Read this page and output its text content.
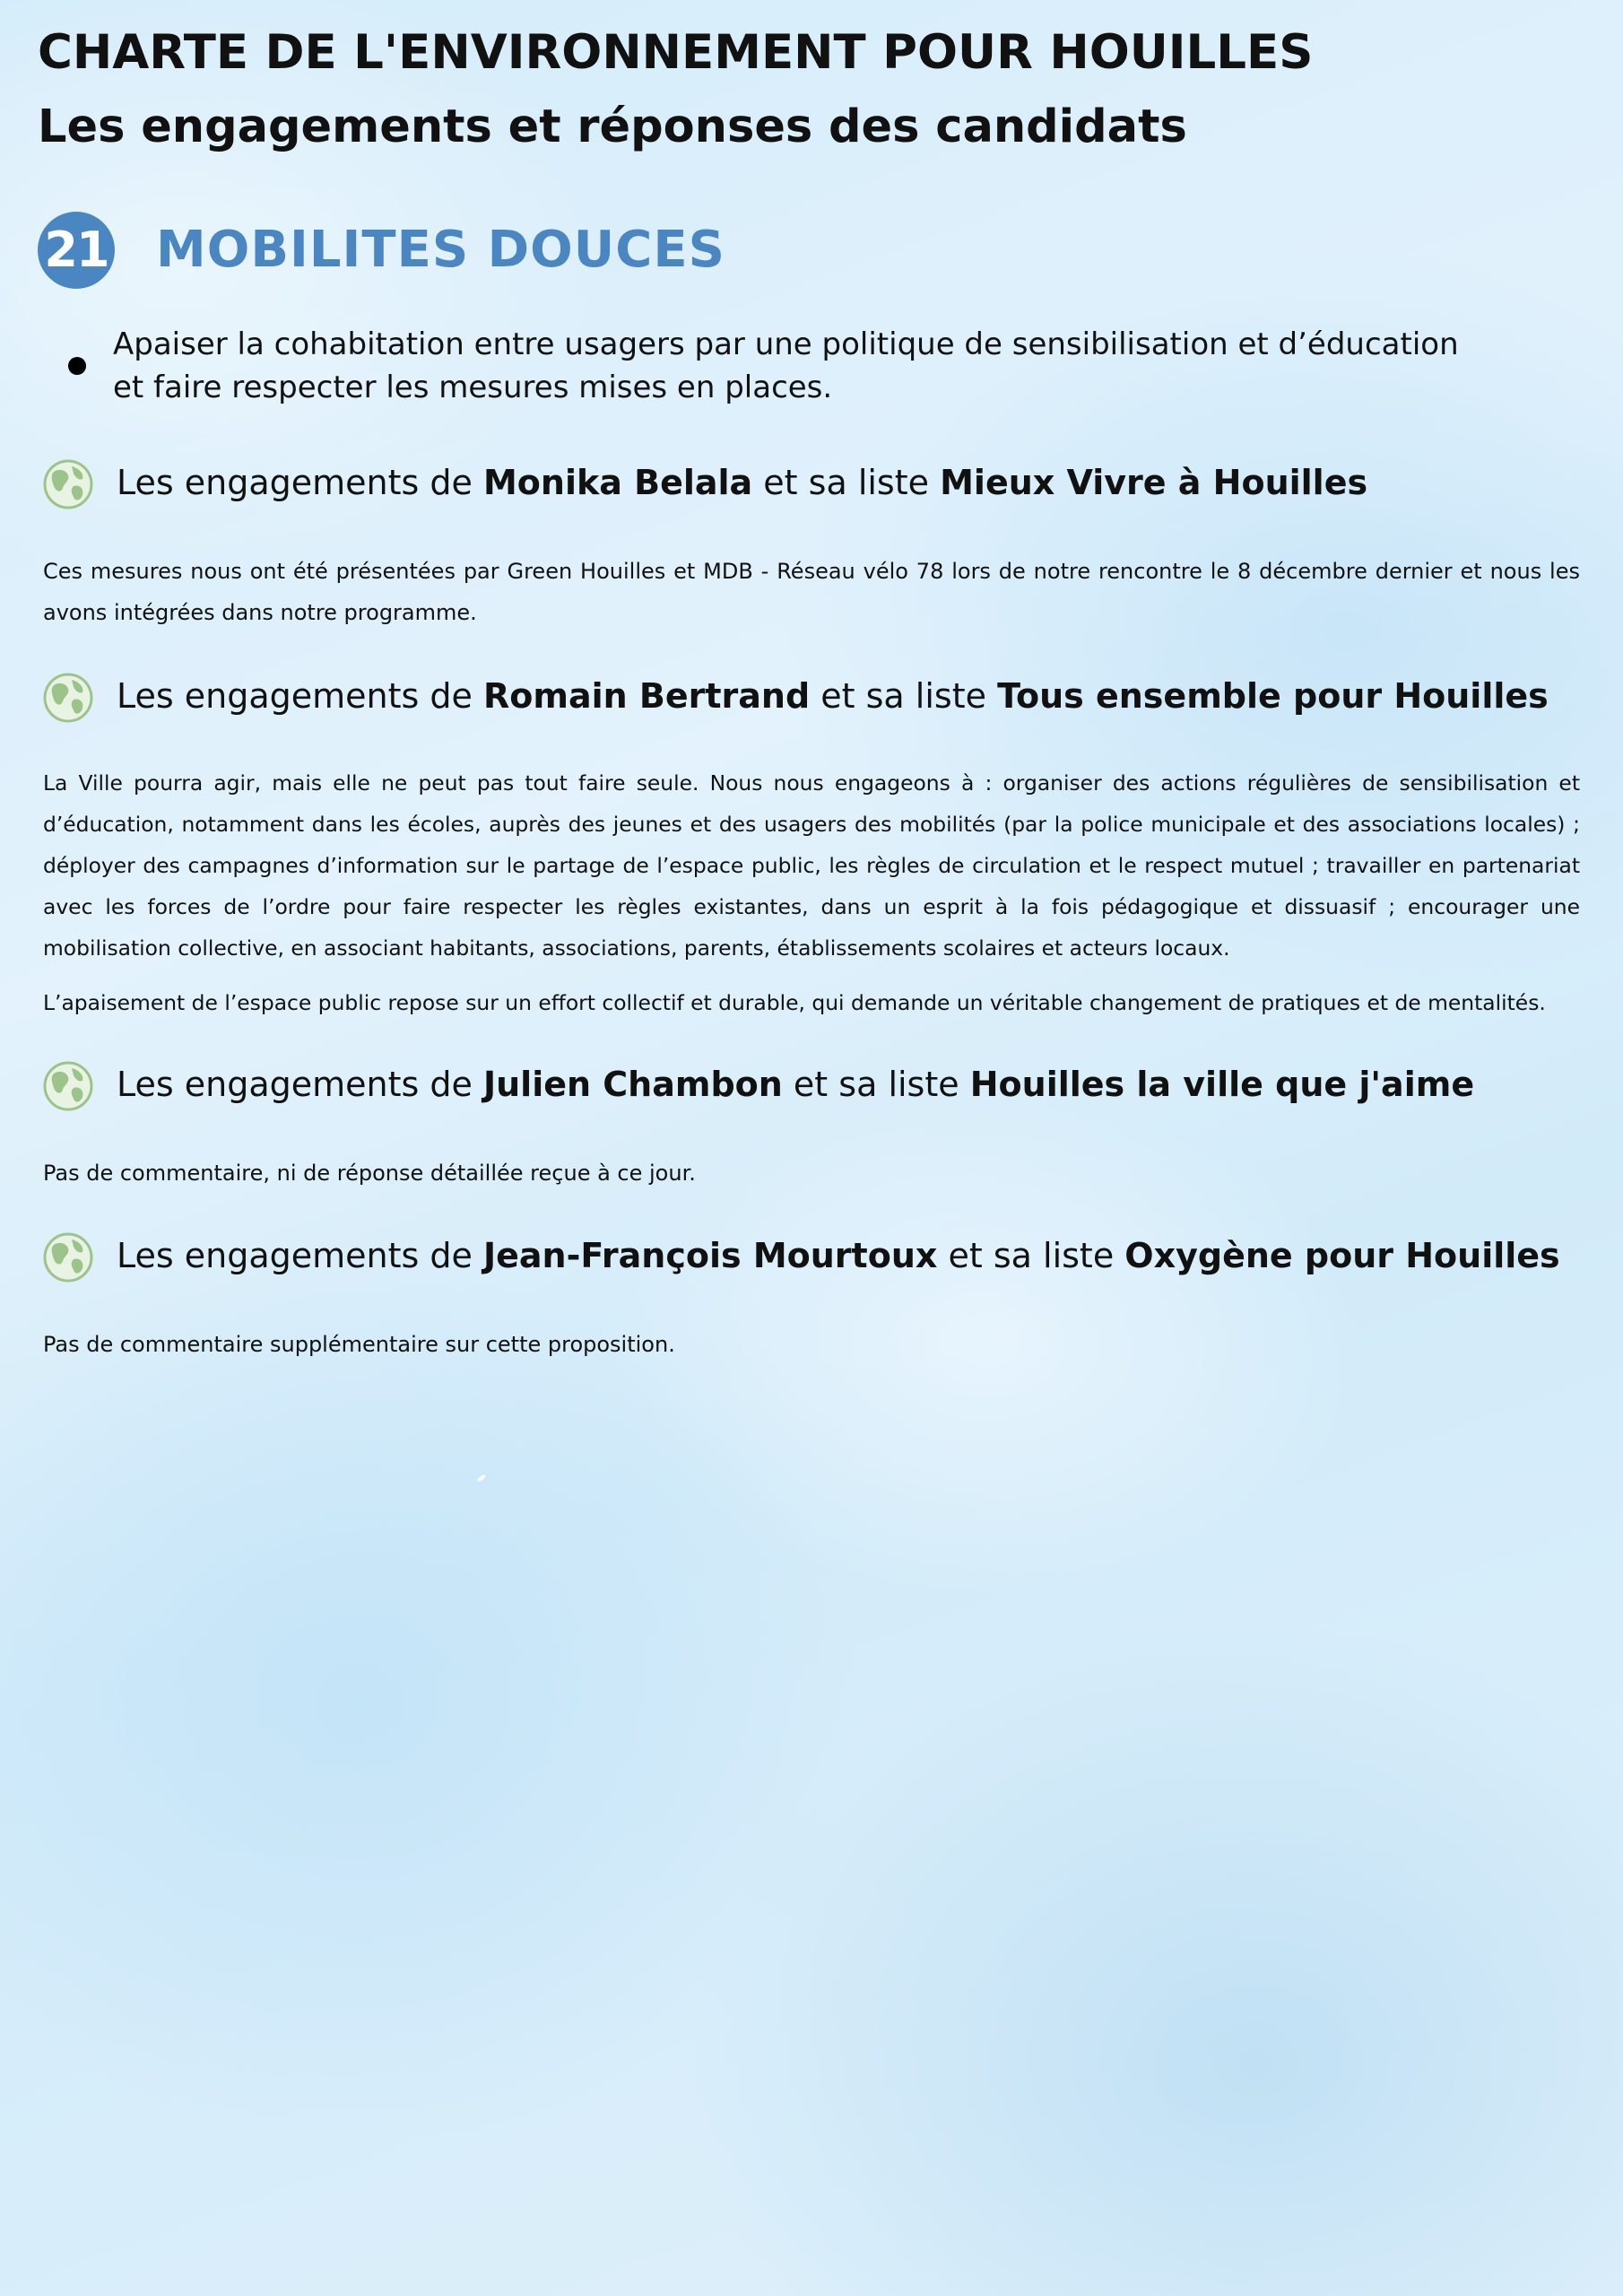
CHARTE DE L'ENVIRONNEMENT POUR HOUILLES
Les engagements et réponses des candidats
21 MOBILITES DOUCES
Apaiser la cohabitation entre usagers par une politique de sensibilisation et d’éducation
et faire respecter les mesures mises en places.
Les engagements de Monika Belala et sa liste Mieux Vivre à Houilles

Ces mesures nous ont été présentées par Green Houilles et MDB - Réseau vélo 78 lors de notre rencontre le 8 décembre dernier et nous les avons intégrées dans notre programme.

Les engagements de Romain Bertrand et sa liste Tous ensemble pour Houilles

La Ville pourra agir, mais elle ne peut pas tout faire seule. Nous nous engageons à : organiser des actions régulières de sensibilisation et d’éducation, notamment dans les écoles, auprès des jeunes et des usagers des mobilités (par la police municipale et des associations locales) ; déployer des campagnes d’information sur le partage de l’espace public, les règles de circulation et le respect mutuel ; travailler en partenariat avec les forces de l’ordre pour faire respecter les règles existantes, dans un esprit à la fois pédagogique et dissuasif ; encourager une mobilisation collective, en associant habitants, associations, parents, établissements scolaires et acteurs locaux.

L’apaisement de l’espace public repose sur un effort collectif et durable, qui demande un véritable changement de pratiques et de mentalités.

Les engagements de Julien Chambon et sa liste Houilles la ville que j'aime

Pas de commentaire, ni de réponse détaillée reçue à ce jour.

Les engagements de Jean-François Mourtoux et sa liste Oxygène pour Houilles

Pas de commentaire supplémentaire sur cette proposition.
